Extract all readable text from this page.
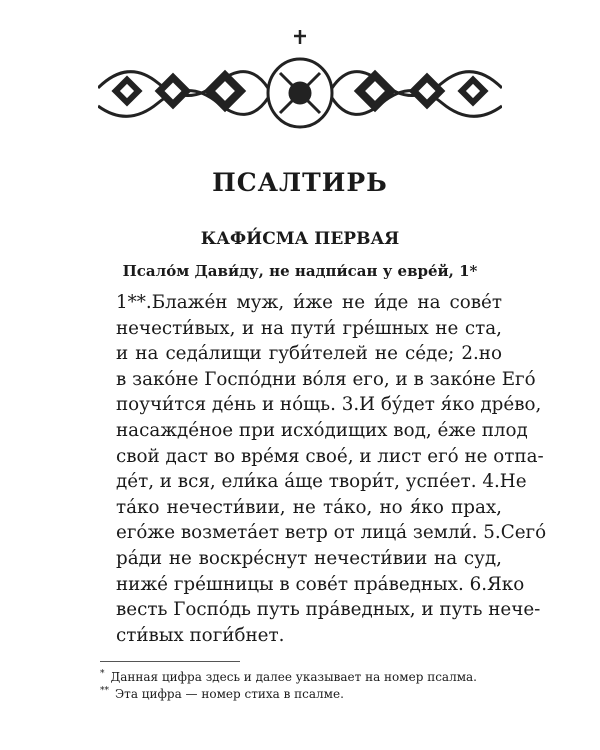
ПСАЛТИРЬ
КАФИ́СМА ПЕРВАЯ
Псало́м Дави́ду, не надпи́сан у евре́й, 1*
1**.Блаже́н муж, и́же не и́де на сове́т
нечести́вых, и на пути́ гре́шных не ста,
и на седа́лищи губи́телей не се́де; 2.но
в зако́не Госпо́дни во́ля его, и в зако́не Его́
поучи́тся де́нь и но́щь. 3.И бу́дет я́ко дре́во,
насажде́ное при исхо́дищих вод, е́же плод
свой даст во вре́мя свое́, и лист его́ не отпа-
де́т, и вся, ели́ка а́ще твори́т, успе́ет. 4.Не
та́ко нечести́вии, не та́ко, но я́ко прах,
его́же возмета́ет ветр от лица́ земли́. 5.Сего́
ра́ди не воскре́снут нечести́вии на суд,
ниже́ гре́шницы в сове́т пра́ведных. 6.Яко
весть Госпо́дь путь пра́ведных, и путь нече-
сти́вых поги́бнет.
* Данная цифра здесь и далее указывает на номер псалма.
** Эта цифра — номер стиха в псалме.
